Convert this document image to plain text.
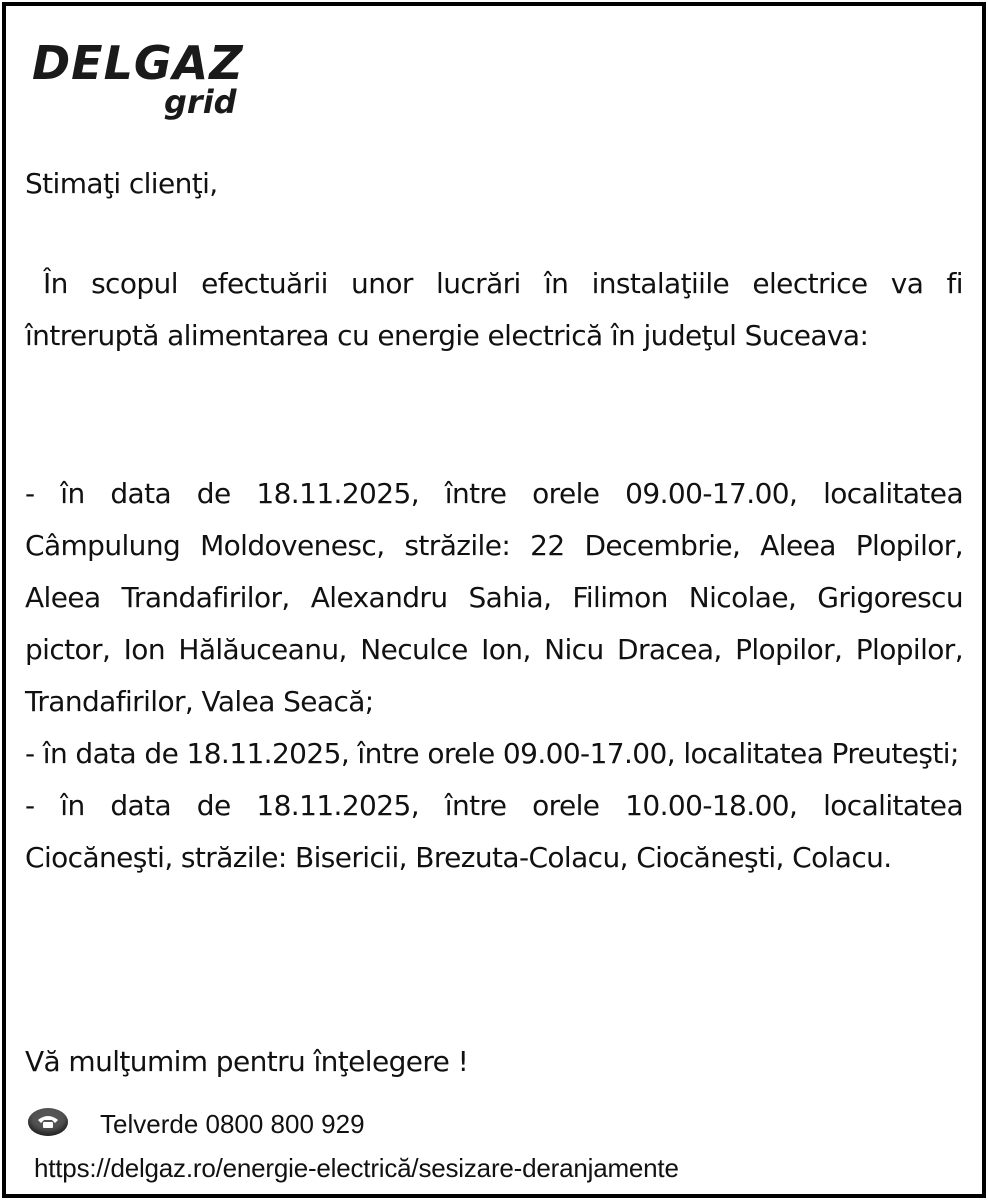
DELGAZ
grid
Stimaţi clienţi,
În scopul efectuării unor lucrări în instalaţiile electrice va fi întreruptă alimentarea cu energie electrică în judeţul Suceava:
- în data de 18.11.2025, între orele 09.00-17.00, localitatea Câmpulung Moldovenesc, străzile: 22 Decembrie, Aleea Plopilor, Aleea Trandafirilor, Alexandru Sahia, Filimon Nicolae, Grigorescu pictor, Ion Hălăuceanu, Neculce Ion, Nicu Dracea, Plopilor, Plopilor, Trandafirilor, Valea Seacă;
- în data de 18.11.2025, între orele 09.00-17.00, localitatea Preuteşti;
- în data de 18.11.2025, între orele 10.00-18.00, localitatea Ciocăneşti, străzile: Bisericii, Brezuta-Colacu, Ciocăneşti, Colacu.
Vă mulţumim pentru înţelegere !
Telverde 0800 800 929
https://delgaz.ro/energie-electrică/sesizare-deranjamente
